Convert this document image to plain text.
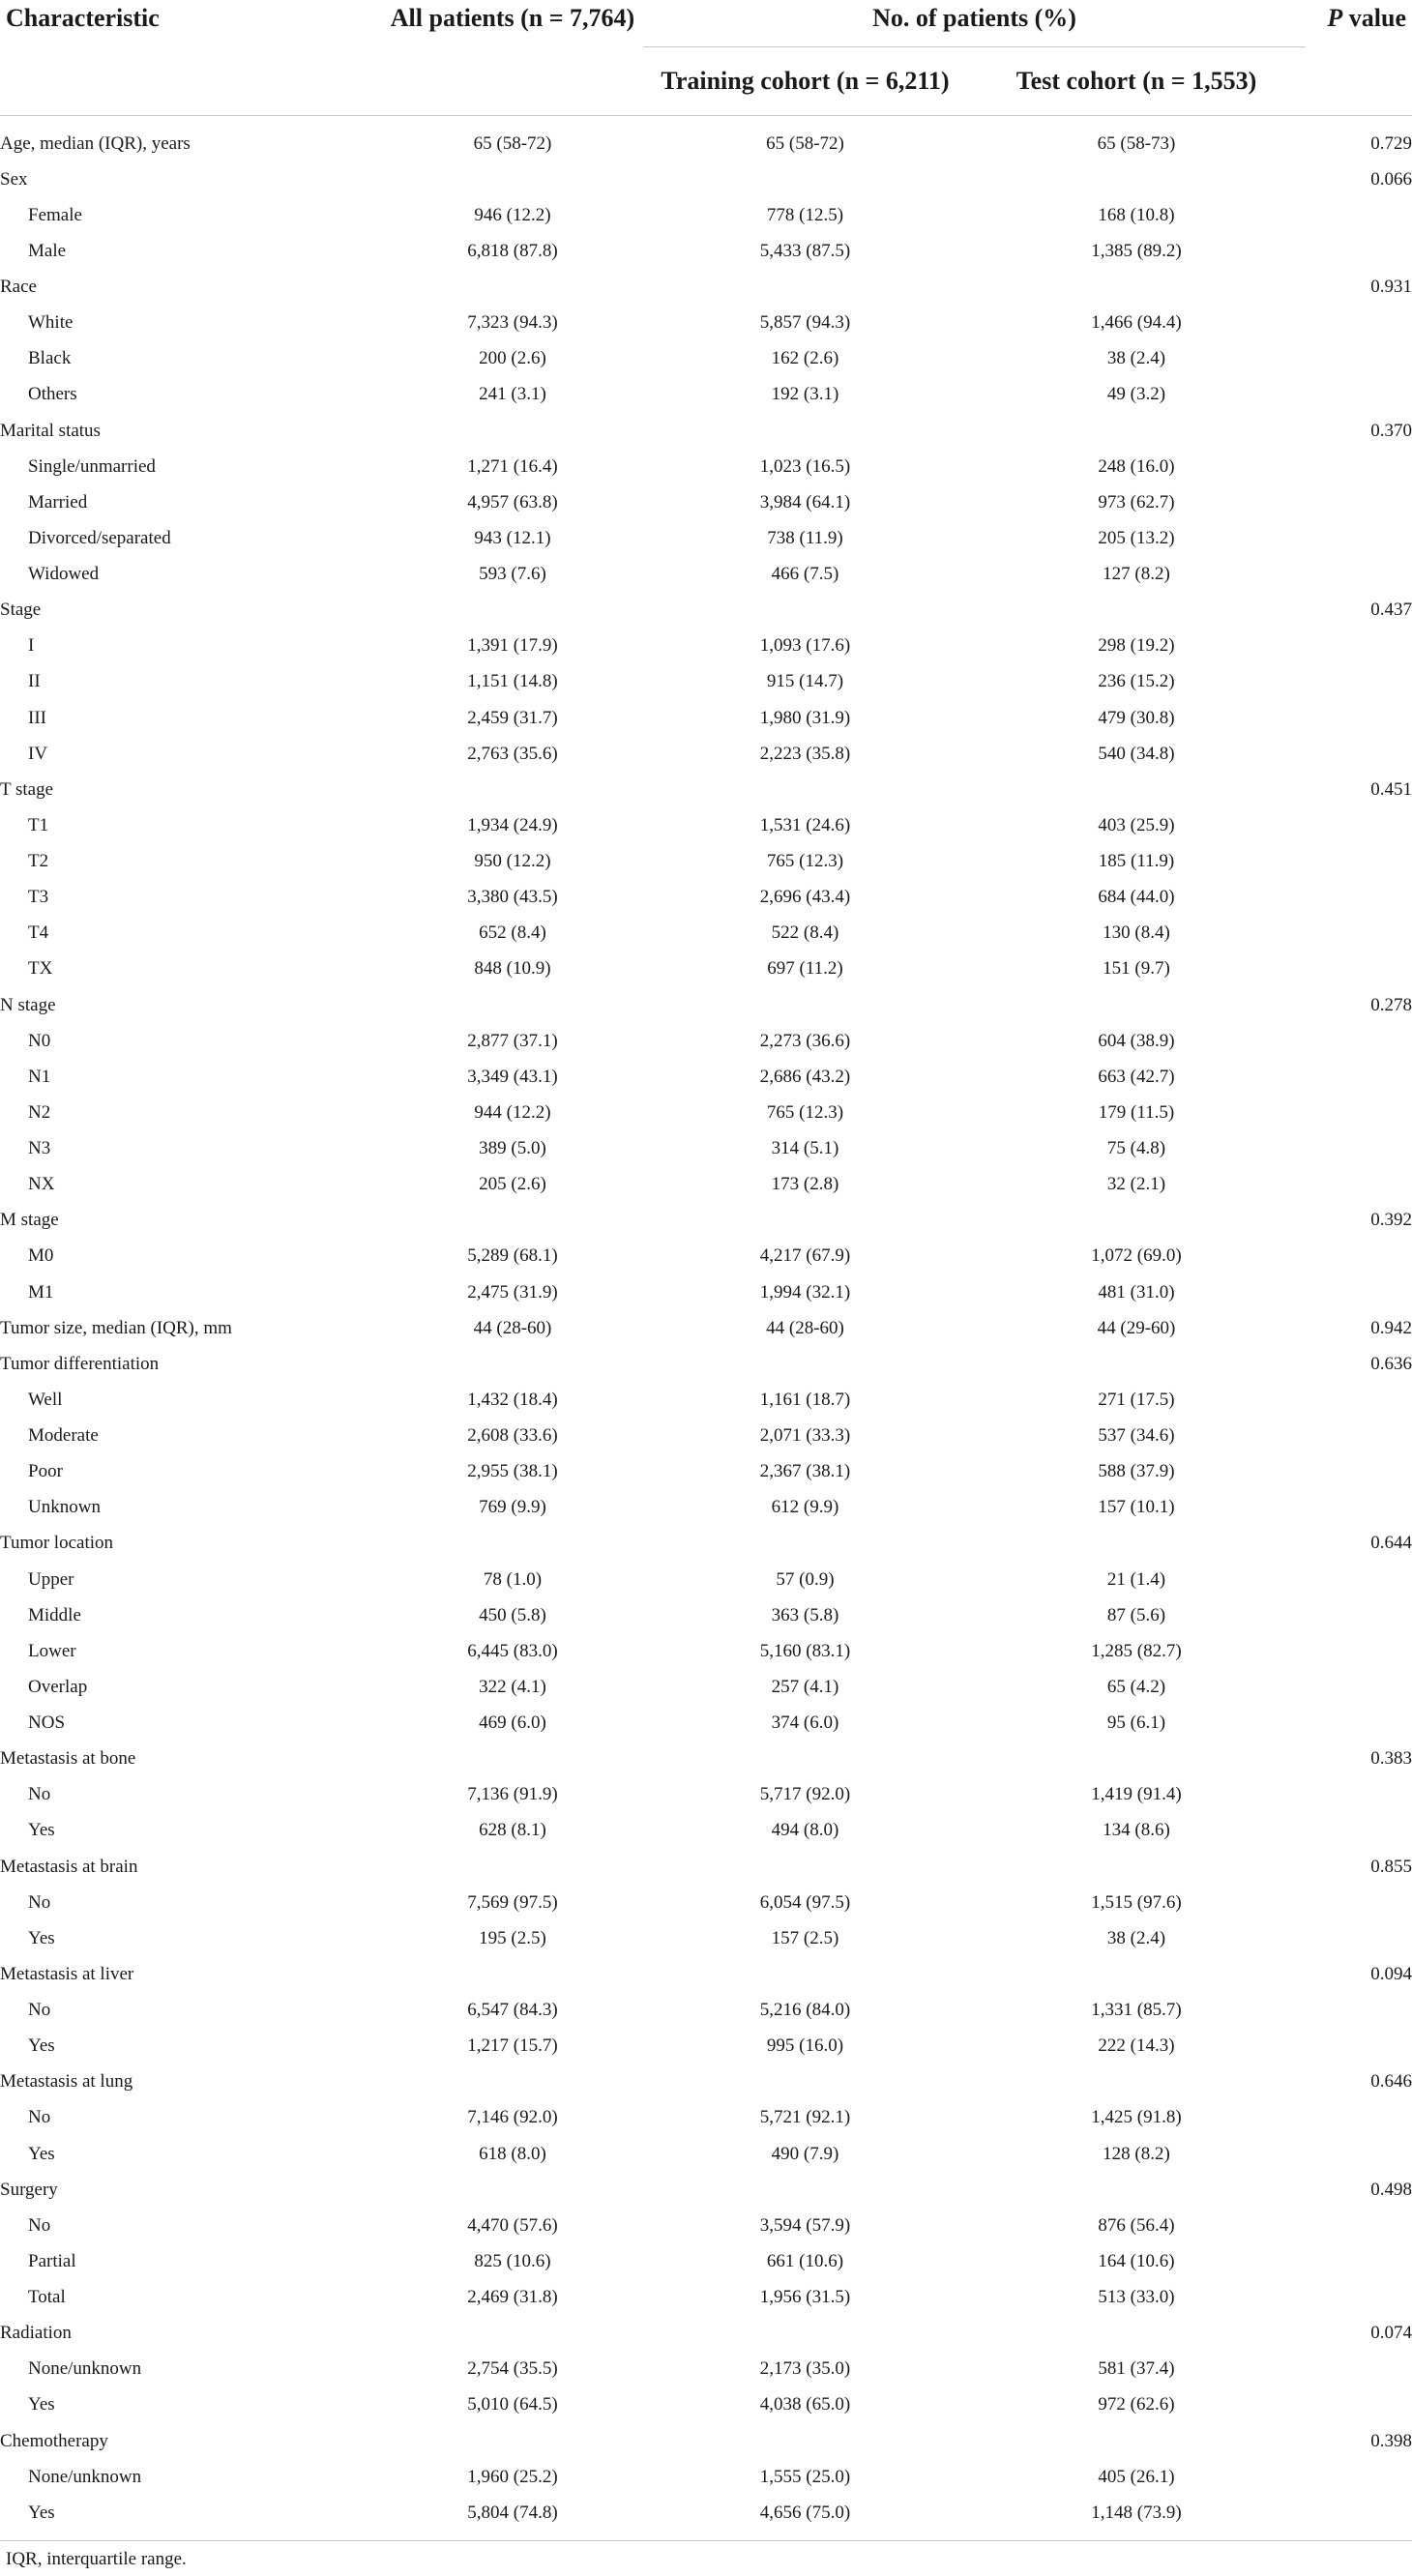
Characteristic	All patients (n = 7,764)	No. of patients (%)		P value
		Training cohort (n = 6,211)	Test cohort (n = 1,553)	

Age, median (IQR), years	65 (58-72)	65 (58-72)	65 (58-73)	0.729
Sex				0.066
Female	946 (12.2)	778 (12.5)	168 (10.8)	
Male	6,818 (87.8)	5,433 (87.5)	1,385 (89.2)	
Race				0.931
White	7,323 (94.3)	5,857 (94.3)	1,466 (94.4)	
Black	200 (2.6)	162 (2.6)	38 (2.4)	
Others	241 (3.1)	192 (3.1)	49 (3.2)	
Marital status				0.370
Single/unmarried	1,271 (16.4)	1,023 (16.5)	248 (16.0)	
Married	4,957 (63.8)	3,984 (64.1)	973 (62.7)	
Divorced/separated	943 (12.1)	738 (11.9)	205 (13.2)	
Widowed	593 (7.6)	466 (7.5)	127 (8.2)	
Stage				0.437
I	1,391 (17.9)	1,093 (17.6)	298 (19.2)	
II	1,151 (14.8)	915 (14.7)	236 (15.2)	
III	2,459 (31.7)	1,980 (31.9)	479 (30.8)	
IV	2,763 (35.6)	2,223 (35.8)	540 (34.8)	
T stage				0.451
T1	1,934 (24.9)	1,531 (24.6)	403 (25.9)	
T2	950 (12.2)	765 (12.3)	185 (11.9)	
T3	3,380 (43.5)	2,696 (43.4)	684 (44.0)	
T4	652 (8.4)	522 (8.4)	130 (8.4)	
TX	848 (10.9)	697 (11.2)	151 (9.7)	
N stage				0.278
N0	2,877 (37.1)	2,273 (36.6)	604 (38.9)	
N1	3,349 (43.1)	2,686 (43.2)	663 (42.7)	
N2	944 (12.2)	765 (12.3)	179 (11.5)	
N3	389 (5.0)	314 (5.1)	75 (4.8)	
NX	205 (2.6)	173 (2.8)	32 (2.1)	
M stage				0.392
M0	5,289 (68.1)	4,217 (67.9)	1,072 (69.0)	
M1	2,475 (31.9)	1,994 (32.1)	481 (31.0)	
Tumor size, median (IQR), mm	44 (28-60)	44 (28-60)	44 (29-60)	0.942
Tumor differentiation				0.636
Well	1,432 (18.4)	1,161 (18.7)	271 (17.5)	
Moderate	2,608 (33.6)	2,071 (33.3)	537 (34.6)	
Poor	2,955 (38.1)	2,367 (38.1)	588 (37.9)	
Unknown	769 (9.9)	612 (9.9)	157 (10.1)	
Tumor location				0.644
Upper	78 (1.0)	57 (0.9)	21 (1.4)	
Middle	450 (5.8)	363 (5.8)	87 (5.6)	
Lower	6,445 (83.0)	5,160 (83.1)	1,285 (82.7)	
Overlap	322 (4.1)	257 (4.1)	65 (4.2)	
NOS	469 (6.0)	374 (6.0)	95 (6.1)	
Metastasis at bone				0.383
No	7,136 (91.9)	5,717 (92.0)	1,419 (91.4)	
Yes	628 (8.1)	494 (8.0)	134 (8.6)	
Metastasis at brain				0.855
No	7,569 (97.5)	6,054 (97.5)	1,515 (97.6)	
Yes	195 (2.5)	157 (2.5)	38 (2.4)	
Metastasis at liver				0.094
No	6,547 (84.3)	5,216 (84.0)	1,331 (85.7)	
Yes	1,217 (15.7)	995 (16.0)	222 (14.3)	
Metastasis at lung				0.646
No	7,146 (92.0)	5,721 (92.1)	1,425 (91.8)	
Yes	618 (8.0)	490 (7.9)	128 (8.2)	
Surgery				0.498
No	4,470 (57.6)	3,594 (57.9)	876 (56.4)	
Partial	825 (10.6)	661 (10.6)	164 (10.6)	
Total	2,469 (31.8)	1,956 (31.5)	513 (33.0)	
Radiation				0.074
None/unknown	2,754 (35.5)	2,173 (35.0)	581 (37.4)	
Yes	5,010 (64.5)	4,038 (65.0)	972 (62.6)	
Chemotherapy				0.398
None/unknown	1,960 (25.2)	1,555 (25.0)	405 (26.1)	
Yes	5,804 (74.8)	4,656 (75.0)	1,148 (73.9)	

IQR, interquartile range.
